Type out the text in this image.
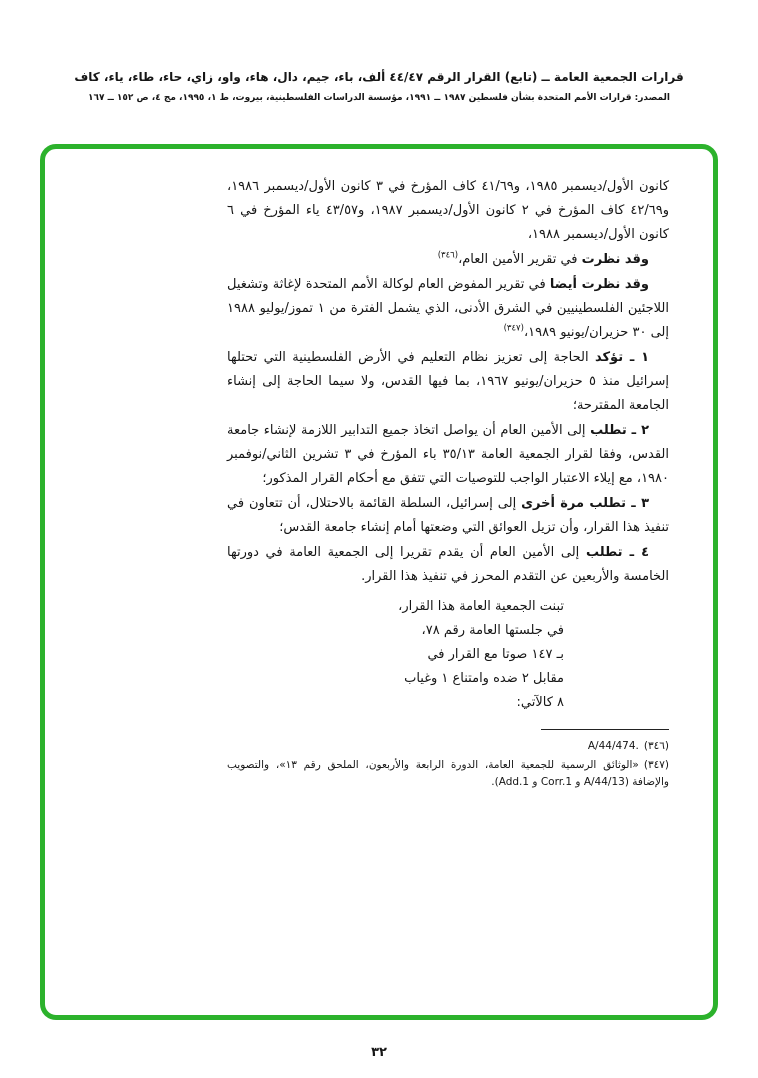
قرارات الجمعية العامة ــ (تابع) القرار الرقم ٤٤/٤٧ ألف، باء، جيم، دال، هاء، واو، زاي، حاء، طاء، ياء، كاف
المصدر: قرارات الأمم المتحدة بشأن فلسطين ١٩٨٧ ــ ١٩٩١، مؤسسة الدراسات الفلسطينية، بيروت، ط ١، ١٩٩٥، مج ٤، ص ١٥٢ ــ ١٦٧

كانون الأول/ديسمبر ١٩٨٥، و٤١/٦٩ كاف المؤرخ في ٣ كانون الأول/ديسمبر ١٩٨٦، و٤٢/٦٩ كاف المؤرخ في ٢ كانون الأول/ديسمبر ١٩٨٧، و٤٣/٥٧ ياء المؤرخ في ٦ كانون الأول/ديسمبر ١٩٨٨،

وقد نظرت في تقرير الأمين العام،$^{(٣٤٦)}$

وقد نظرت أيضا في تقرير المفوض العام لوكالة الأمم المتحدة لإغاثة وتشغيل اللاجئين الفلسطينيين في الشرق الأدنى، الذي يشمل الفترة من ١ تموز/يوليو ١٩٨٨ إلى ٣٠ حزيران/يونيو ١٩٨٩،$^{(٣٤٧)}$

١ ـ تؤكد الحاجة إلى تعزيز نظام التعليم في الأرض الفلسطينية التي تحتلها إسرائيل منذ ٥ حزيران/يونيو ١٩٦٧، بما فيها القدس، ولا سيما الحاجة إلى إنشاء الجامعة المقترحة؛

٢ ـ تطلب إلى الأمين العام أن يواصل اتخاذ جميع التدابير اللازمة لإنشاء جامعة القدس، وفقا لقرار الجمعية العامة ٣٥/١٣ باء المؤرخ في ٣ تشرين الثاني/نوفمبر ١٩٨٠، مع إيلاء الاعتبار الواجب للتوصيات التي تتفق مع أحكام القرار المذكور؛

٣ ـ تطلب مرة أخرى إلى إسرائيل، السلطة القائمة بالاحتلال، أن تتعاون في تنفيذ هذا القرار، وأن تزيل العوائق التي وضعتها أمام إنشاء جامعة القدس؛

٤ ـ تطلب إلى الأمين العام أن يقدم تقريرا إلى الجمعية العامة في دورتها الخامسة والأربعين عن التقدم المحرز في تنفيذ هذا القرار.

تبنت الجمعية العامة هذا القرار،
في جلستها العامة رقم ٧٨،
بـ ١٤٧ صوتا مع القرار في
مقابل ٢ ضده وامتناع ١ وغياب
٨ كالآتي:

(٣٤٦)A/44/474.

(٣٤٧)«الوثائق الرسمية للجمعية العامة، الدورة الرابعة والأربعون، الملحق رقم ١٣»، والتصويب والإضافة (A/44/13 و Corr.1 و Add.1).

٣٢
